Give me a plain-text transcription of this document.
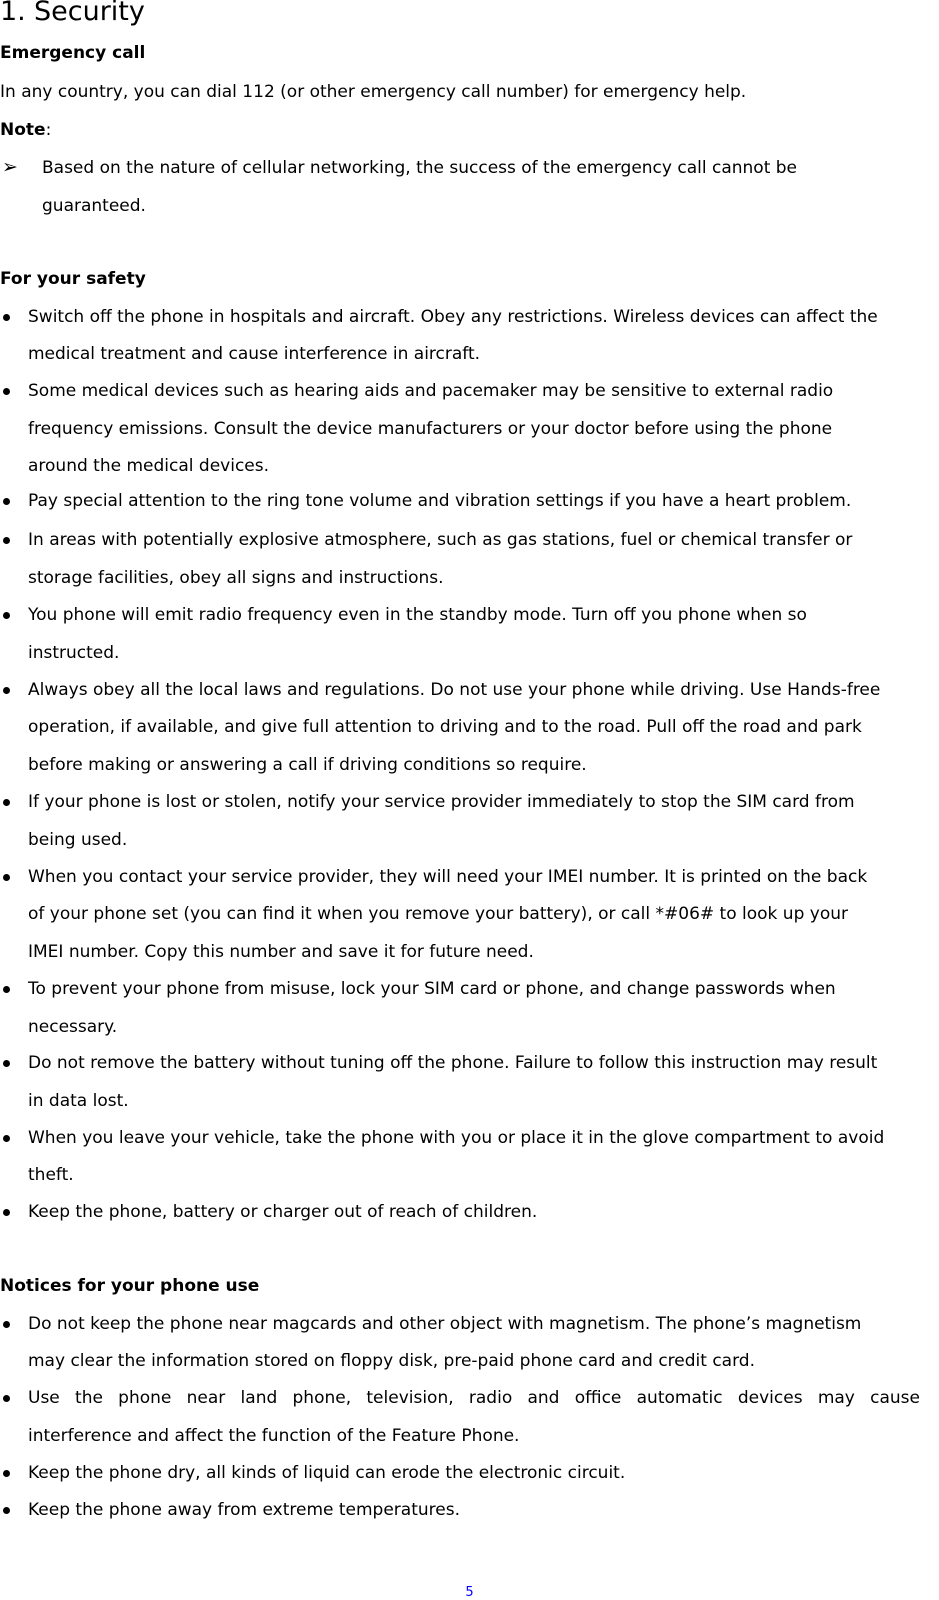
1. Security
Emergency call
In any country, you can dial 112 (or other emergency call number) for emergency help.
Note:
➢ Based on the nature of cellular networking, the success of the emergency call cannot be
guaranteed.
For your safety
Switch off the phone in hospitals and aircraft. Obey any restrictions. Wireless devices can affect the
medical treatment and cause interference in aircraft.
Some medical devices such as hearing aids and pacemaker may be sensitive to external radio
frequency emissions. Consult the device manufacturers or your doctor before using the phone
around the medical devices.
Pay special attention to the ring tone volume and vibration settings if you have a heart problem.
In areas with potentially explosive atmosphere, such as gas stations, fuel or chemical transfer or
storage facilities, obey all signs and instructions.
You phone will emit radio frequency even in the standby mode. Turn off you phone when so
instructed.
Always obey all the local laws and regulations. Do not use your phone while driving. Use Hands-free
operation, if available, and give full attention to driving and to the road. Pull off the road and park
before making or answering a call if driving conditions so require.
If your phone is lost or stolen, notify your service provider immediately to stop the SIM card from
being used.
When you contact your service provider, they will need your IMEI number. It is printed on the back
of your phone set (you can find it when you remove your battery), or call *#06# to look up your
IMEI number. Copy this number and save it for future need.
To prevent your phone from misuse, lock your SIM card or phone, and change passwords when
necessary.
Do not remove the battery without tuning off the phone. Failure to follow this instruction may result
in data lost.
When you leave your vehicle, take the phone with you or place it in the glove compartment to avoid
theft.
Keep the phone, battery or charger out of reach of children.
Notices for your phone use
Do not keep the phone near magcards and other object with magnetism. The phone’s magnetism
may clear the information stored on floppy disk, pre-paid phone card and credit card.
Use the phone near land phone, television, radio and office automatic devices may cause
interference and affect the function of the Feature Phone.
Keep the phone dry, all kinds of liquid can erode the electronic circuit.
Keep the phone away from extreme temperatures.
5
